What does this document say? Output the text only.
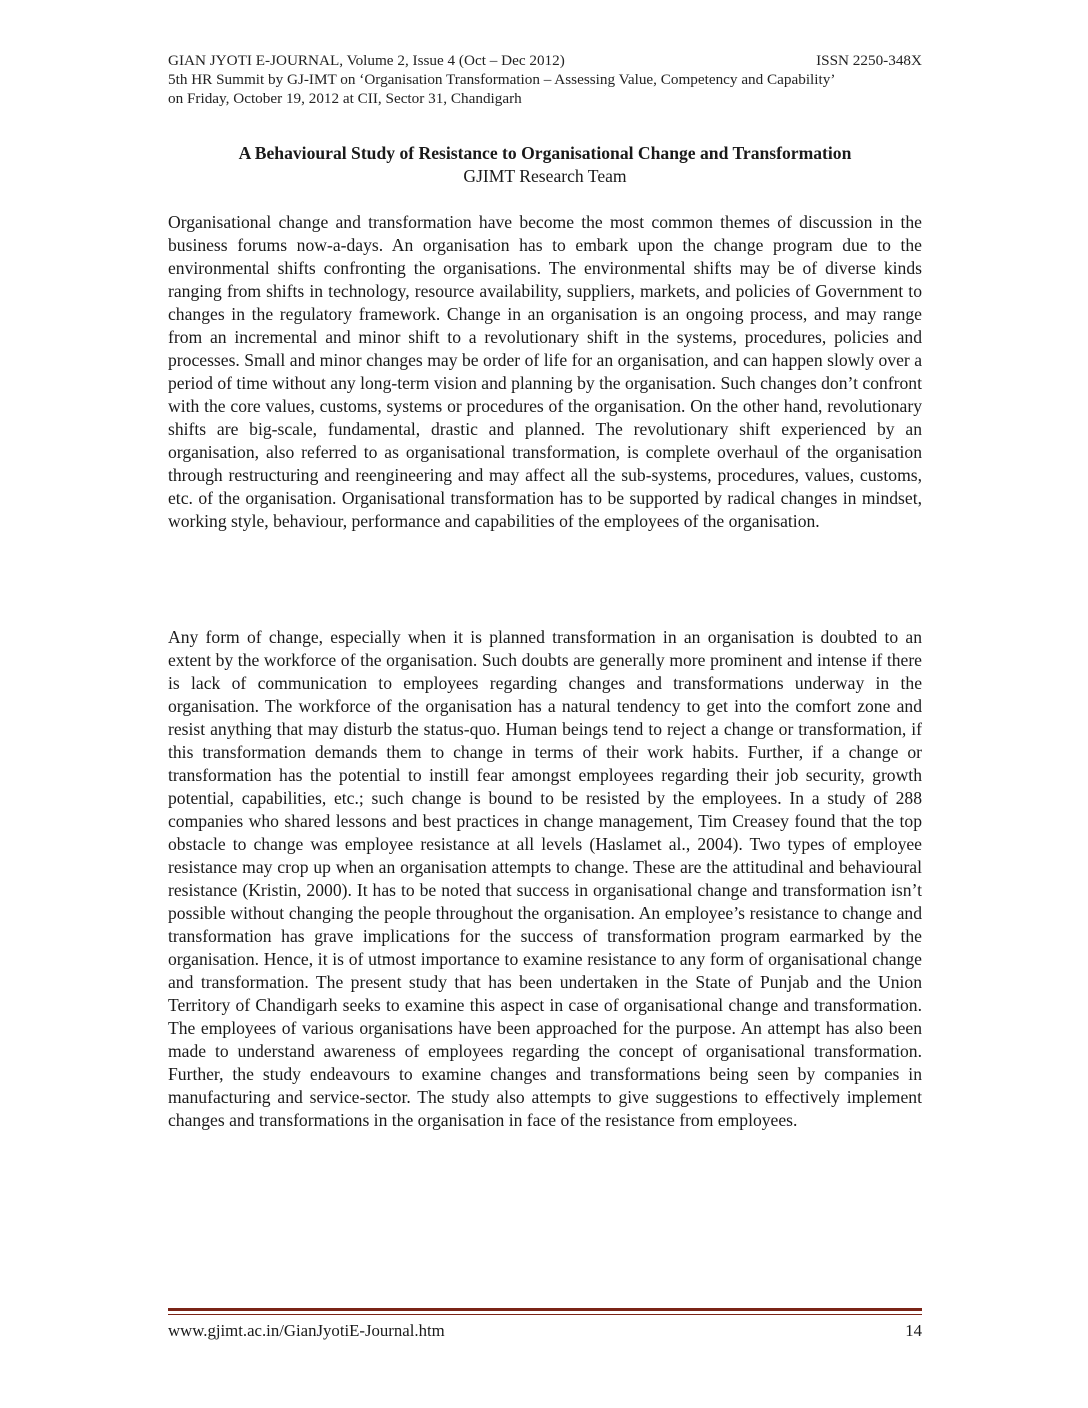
GIAN JYOTI E-JOURNAL, Volume 2, Issue 4 (Oct – Dec 2012)	ISSN 2250-348X
5th HR Summit by GJ-IMT on ‘Organisation Transformation – Assessing Value, Competency and Capability’
on Friday, October 19, 2012 at CII, Sector 31, Chandigarh
A Behavioural Study of Resistance to Organisational Change and Transformation
GJIMT Research Team

Organisational change and transformation have become the most common themes of discussion in the business forums now-a-days. An organisation has to embark upon the change program due to the environmental shifts confronting the organisations. The environmental shifts may be of diverse kinds ranging from shifts in technology, resource availability, suppliers, markets, and policies of Government to changes in the regulatory framework. Change in an organisation is an ongoing process, and may range from an incremental and minor shift to a revolutionary shift in the systems, procedures, policies and processes. Small and minor changes may be order of life for an organisation, and can happen slowly over a period of time without any long-term vision and planning by the organisation. Such changes don’t confront with the core values, customs, systems or procedures of the organisation. On the other hand, revolutionary shifts are big-scale, fundamental, drastic and planned. The revolutionary shift experienced by an organisation, also referred to as organisational transformation, is complete overhaul of the organisation through restructuring and reengineering and may affect all the sub-systems, procedures, values, customs, etc. of the organisation. Organisational transformation has to be supported by radical changes in mindset, working style, behaviour, performance and capabilities of the employees of the organisation.

Any form of change, especially when it is planned transformation in an organisation is doubted to an extent by the workforce of the organisation. Such doubts are generally more prominent and intense if there is lack of communication to employees regarding changes and transformations underway in the organisation. The workforce of the organisation has a natural tendency to get into the comfort zone and resist anything that may disturb the status-quo. Human beings tend to reject a change or transformation, if this transformation demands them to change in terms of their work habits. Further, if a change or transformation has the potential to instill fear amongst employees regarding their job security, growth potential, capabilities, etc.; such change is bound to be resisted by the employees. In a study of 288 companies who shared lessons and best practices in change management, Tim Creasey found that the top obstacle to change was employee resistance at all levels (Haslamet al., 2004). Two types of employee resistance may crop up when an organisation attempts to change. These are the attitudinal and behavioural resistance (Kristin, 2000). It has to be noted that success in organisational change and transformation isn’t possible without changing the people throughout the organisation. An employee’s resistance to change and transformation has grave implications for the success of transformation program earmarked by the organisation. Hence, it is of utmost importance to examine resistance to any form of organisational change and transformation. The present study that has been undertaken in the State of Punjab and the Union Territory of Chandigarh seeks to examine this aspect in case of organisational change and transformation. The employees of various organisations have been approached for the purpose. An attempt has also been made to understand awareness of employees regarding the concept of organisational transformation. Further, the study endeavours to examine changes and transformations being seen by companies in manufacturing and service-sector. The study also attempts to give suggestions to effectively implement changes and transformations in the organisation in face of the resistance from employees.

www.gjimt.ac.in/GianJyotiE-Journal.htm	14
